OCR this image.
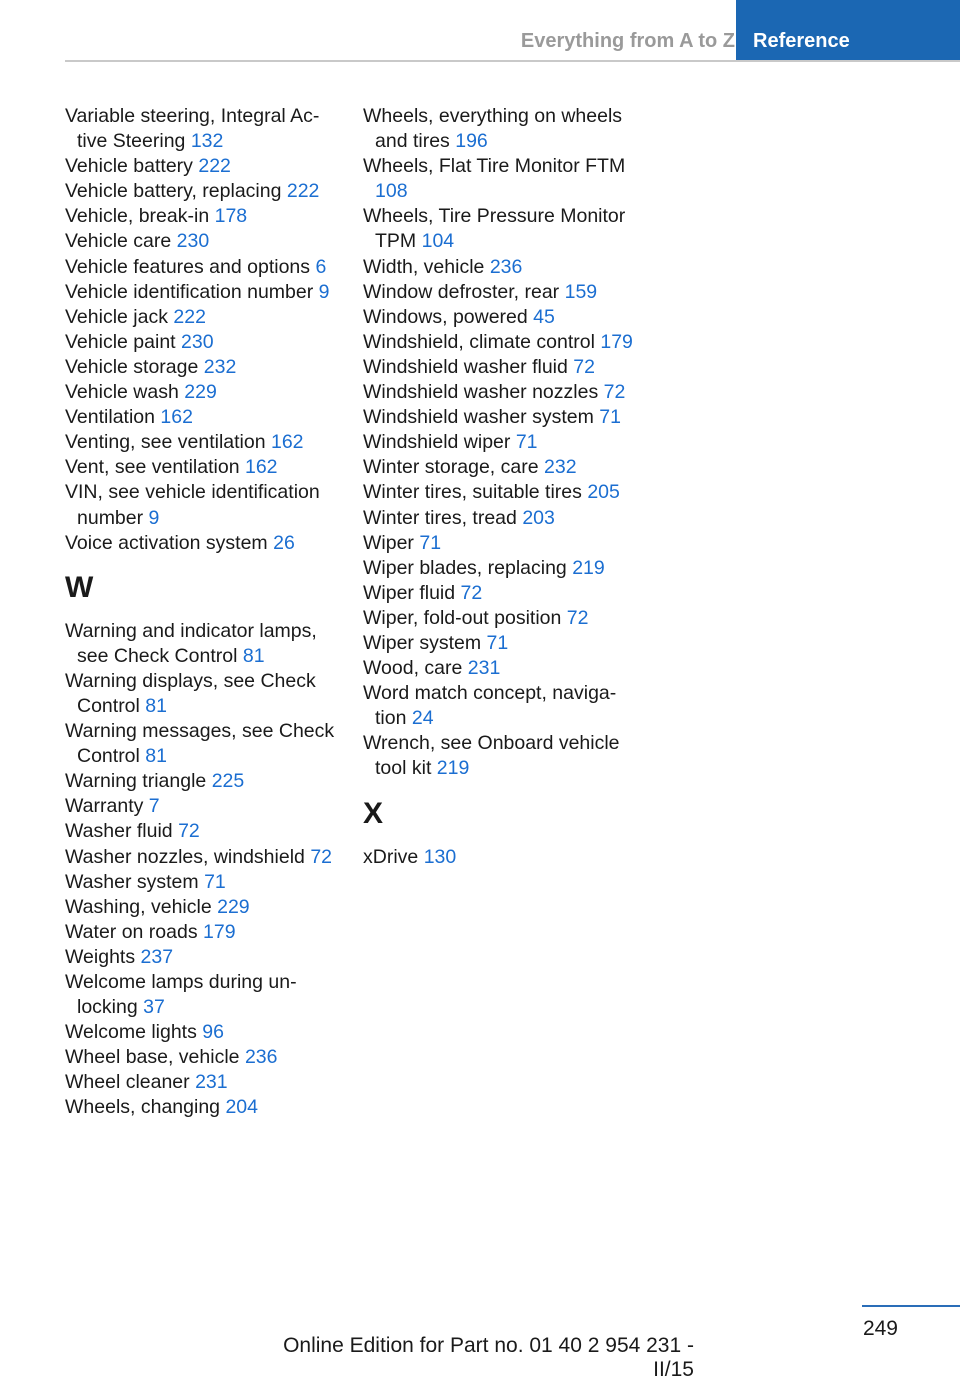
Everything from A to Z Reference
Variable steering, Integral Active Steering 132
Vehicle battery 222
Vehicle battery, replacing 222
Vehicle, break-in 178
Vehicle care 230
Vehicle features and options 6
Vehicle identification number 9
Vehicle jack 222
Vehicle paint 230
Vehicle storage 232
Vehicle wash 229
Ventilation 162
Venting, see ventilation 162
Vent, see ventilation 162
VIN, see vehicle identification number 9
Voice activation system 26
W
Warning and indicator lamps, see Check Control 81
Warning displays, see Check Control 81
Warning messages, see Check Control 81
Warning triangle 225
Warranty 7
Washer fluid 72
Washer nozzles, windshield 72
Washer system 71
Washing, vehicle 229
Water on roads 179
Weights 237
Welcome lamps during unlocking 37
Welcome lights 96
Wheel base, vehicle 236
Wheel cleaner 231
Wheels, changing 204
Wheels, everything on wheels and tires 196
Wheels, Flat Tire Monitor FTM 108
Wheels, Tire Pressure Monitor TPM 104
Width, vehicle 236
Window defroster, rear 159
Windows, powered 45
Windshield, climate control 179
Windshield washer fluid 72
Windshield washer nozzles 72
Windshield washer system 71
Windshield wiper 71
Winter storage, care 232
Winter tires, suitable tires 205
Winter tires, tread 203
Wiper 71
Wiper blades, replacing 219
Wiper fluid 72
Wiper, fold-out position 72
Wiper system 71
Wood, care 231
Word match concept, navigation 24
Wrench, see Onboard vehicle tool kit 219
X
xDrive 130
249
Online Edition for Part no. 01 40 2 954 231 - II/15
